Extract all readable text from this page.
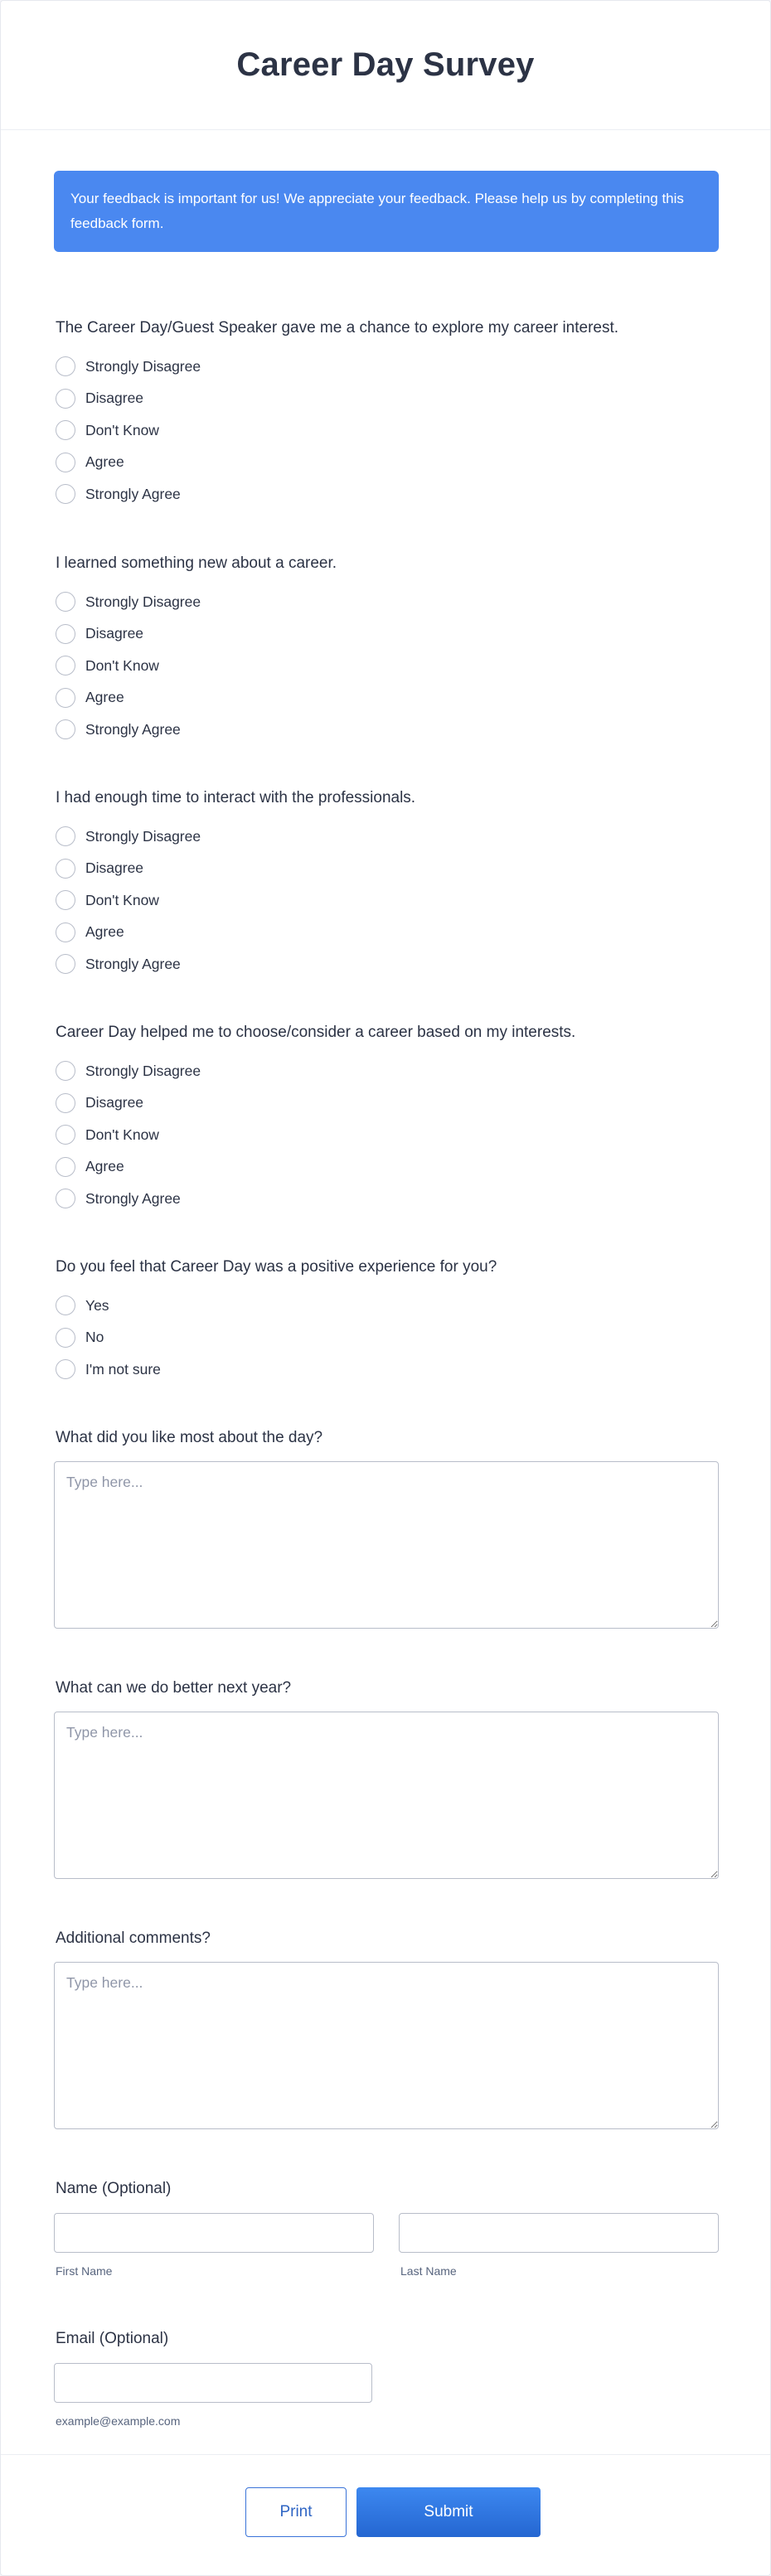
Career Day Survey
Your feedback is important for us! We appreciate your feedback. Please help us by completing this feedback form.
The Career Day/Guest Speaker gave me a chance to explore my career interest.
Strongly Disagree
Disagree
Don't Know
Agree
Strongly Agree
I learned something new about a career.
Strongly Disagree
Disagree
Don't Know
Agree
Strongly Agree
I had enough time to interact with the professionals.
Strongly Disagree
Disagree
Don't Know
Agree
Strongly Agree
Career Day helped me to choose/consider a career based on my interests.
Strongly Disagree
Disagree
Don't Know
Agree
Strongly Agree
Do you feel that Career Day was a positive experience for you?
Yes
No
I'm not sure
What did you like most about the day?
Type here...
What can we do better next year?
Type here...
Additional comments?
Type here...
Name (Optional)
First Name	Last Name
Email (Optional)
example@example.com
Print	Submit
